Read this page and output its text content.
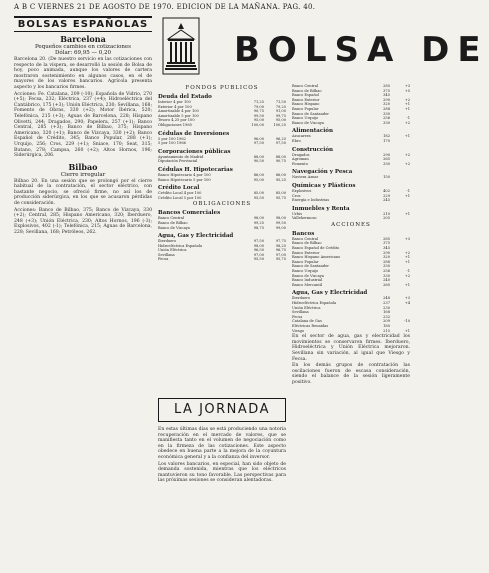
A B C VIERNES 21 DE AGOSTO DE 1970. EDICION DE LA MAÑANA. PAG. 40.
BOLSAS ESPAÑOLAS
Barcelona
Pequeños cambios en cotizaciones
Dólar: 69,95 — 0,20

Barcelona 20. (De nuestro servicio en las cotizaciones con respecto de la víspera, se desarrolló la sesión de Bolsa de hoy, poco animada, aunque los valores de cartera mostraron sostenimiento en algunos casos, en el de mayores de los valores bancarios. Agrícola presenta aspecto y los bancarios firmes.

Acciones: Fe. Catalana, 209 (-10); Española de Vidrio, 270 (+5); Fecsa, 232; Eléctrica, 237 (+4); Hidroeléctrica del Cantábrico, 175 (+3); Unión Eléctrica, 230; Sevillana, 168; Fomento de Obras, 330 (+2); Motor Ibérica, 520; Telefónica, 215 (+3); Aguas de Barcelona, 228; Hispano Olivetti, 244; Dragados, 290; Papelera, 257 (+1); Banco Central, 285 (+3); Banco de Bilbao, 375; Hispano Americano, 320 (+1); Banco de Vizcaya, 330 (+2); Banco Español de Crédito, 345; Banco Popular, 288 (+1); Urquijo, 256; Cros, 229 (+1); Sniace, 170; Seat, 315; Butano, 278; Campsa, 260 (+2); Altos Hornos, 196; Siderúrgica, 206.

Bilbao
Cierre irregular

Bilbao 20. En una sesión que se prolongó por el cierre habitual de la contratación, el sector eléctrico, con bastante negocio, se ofreció firme, no así los de producción siderúrgica, en los que se acusaron pérdidas de consideración.

Acciones: Banco de Bilbao, 375; Banco de Vizcaya, 330 (+2); Central, 285; Hispano Americano, 320; Iberduero, 248 (+3); Unión Eléctrica, 230; Altos Hornos, 196 (-3); Explosivos, 402 (-1); Telefónica, 215; Aguas de Barcelona, 228; Sevillana, 168; Petróleos, 262.

BOLSA DE
FONDOS PUBLICOS
Deuda del Estado
Interior 4 por 100	71,25	71,50
Exterior 4 por 100	79,00	79,25
Amortizable 4 por 100	90,75	91,00
Amortizable 5 por 100	99,50	99,75
Tesoro 4,25 por 100	95,00	95,00
Obligaciones 1965	100,00	100,25
Cédulas de Inversiones
5 por 100 1962	96,00	96,25
5 por 100 1966	97,50	97,50
Corporaciones públicas
Ayuntamiento de Madrid	88,00	88,00
Diputación Provincial	90,50	90,75
Cédulas H. Hipotecarias
Banco Hipotecario 4 por 100	86,00	86,00
Banco Hipotecario 5 por 100	95,00	95,25
Crédito Local
Crédito Local 4 por 100	85,00	85,00
Crédito Local 5 por 100	95,50	95,75
OBLIGACIONES
Bancos Comerciales
Banco Central	98,00	98,00
Banco de Bilbao	99,25	99,50
Banco de Vizcaya	98,75	99,00
Agua, Gas y Electricidad
Iberduero	97,50	97,75
Hidroeléctrica Española	98,00	98,25
Unión Eléctrica	96,50	96,75
Sevillana	97,00	97,00
Fecsa	95,50	95,75
LA JORNADA

En estas últimas días se está produciendo una notoria recuperación en el mercado de valores, que se manifiesta tanto en el volumen de negociación como en la firmeza de las cotizaciones. Este aspecto obedece en buena parte a la mejora de la coyuntura económica general y a la confianza del inversor.

Los valores bancarios, en especial, han sido objeto de demanda sostenida, mientras que los eléctricos mantuvieron su tono favorable. Las perspectivas para las próximas sesiones se consideran alentadoras.

Banco Central	285	+3
Banco de Bilbao	375	+5
Banco Español	345
Banco Exterior	290	+2
Banco Hispano	320	+1
Banco Popular	288	+1
Banco de Santander	330
Banco Urquijo	256	-1
Banco de Vizcaya	330	+2
Alimentación
Azucarera	182	+1
Ebro	170
Construcción
Dragados	290	+2
Agroman	265
Fomento	330	+2
Navegación y Pesca
Naviera Aznar	150
Químicas y Plásticos
Explosivos	402	-1
Cros	229	+1
Energía e Industrias	245
Inmuebles y Renta
Urbis	210	+1
Vallehermoso	205
ACCIONES
Bancos
Banco Central	285	+3
Banco de Bilbao	375
Banco Español de Crédito	345
Banco Exterior	290	+2
Banco Hispano Americano	320	+1
Banco Popular	288	+1
Banco de Santander	330
Banco Urquijo	256	-1
Banco de Vizcaya	330	+2
Banco Industrial	240
Banco Mercantil	260	+1
Agua, Gas y Electricidad
Iberduero	248	+3
Hidroeléctrica Española	237	+4
Unión Eléctrica	230
Sevillana	168
Fecsa	232
Catalana de Gas	209	-10
Eléctricas Reunidas	180
Viesgo	215	+1

En el sector de agua, gas y electricidad los movimientos se conservaron firmes. Iberduero, Hidroeléctrica y Unión Eléctrica mejoraron. Sevillana sin variación, al igual que Viesgo y Fecsa.

En los demás grupos de contratación las oscilaciones fueron de escasa consideración, siendo el balance de la sesión ligeramente positivo.
